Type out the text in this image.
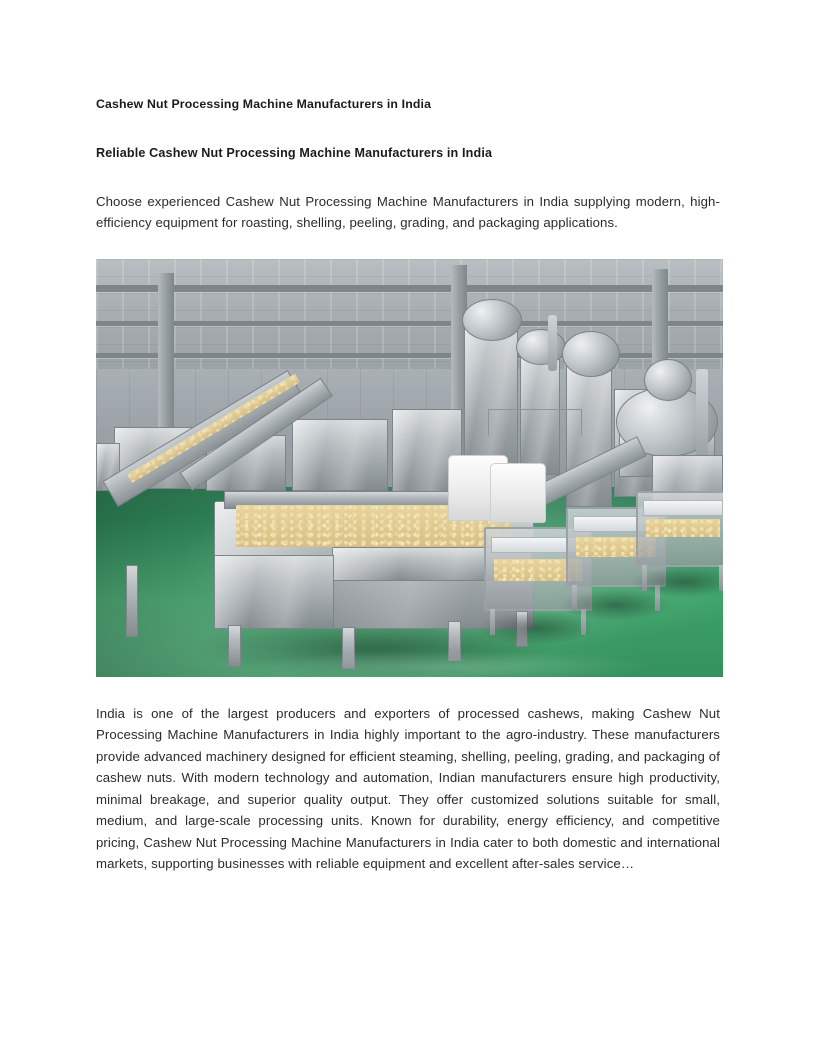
Cashew Nut Processing Machine Manufacturers in India
Reliable Cashew Nut Processing Machine Manufacturers in India

Choose experienced Cashew Nut Processing Machine Manufacturers in India supplying modern, high-efficiency equipment for roasting, shelling, peeling, grading, and packaging applications.

India is one of the largest producers and exporters of processed cashews, making Cashew Nut Processing Machine Manufacturers in India highly important to the agro-industry. These manufacturers provide advanced machinery designed for efficient steaming, shelling, peeling, grading, and packaging of cashew nuts. With modern technology and automation, Indian manufacturers ensure high productivity, minimal breakage, and superior quality output. They offer customized solutions suitable for small, medium, and large-scale processing units. Known for durability, energy efficiency, and competitive pricing, Cashew Nut Processing Machine Manufacturers in India cater to both domestic and international markets, supporting businesses with reliable equipment and excellent after-sales service…
